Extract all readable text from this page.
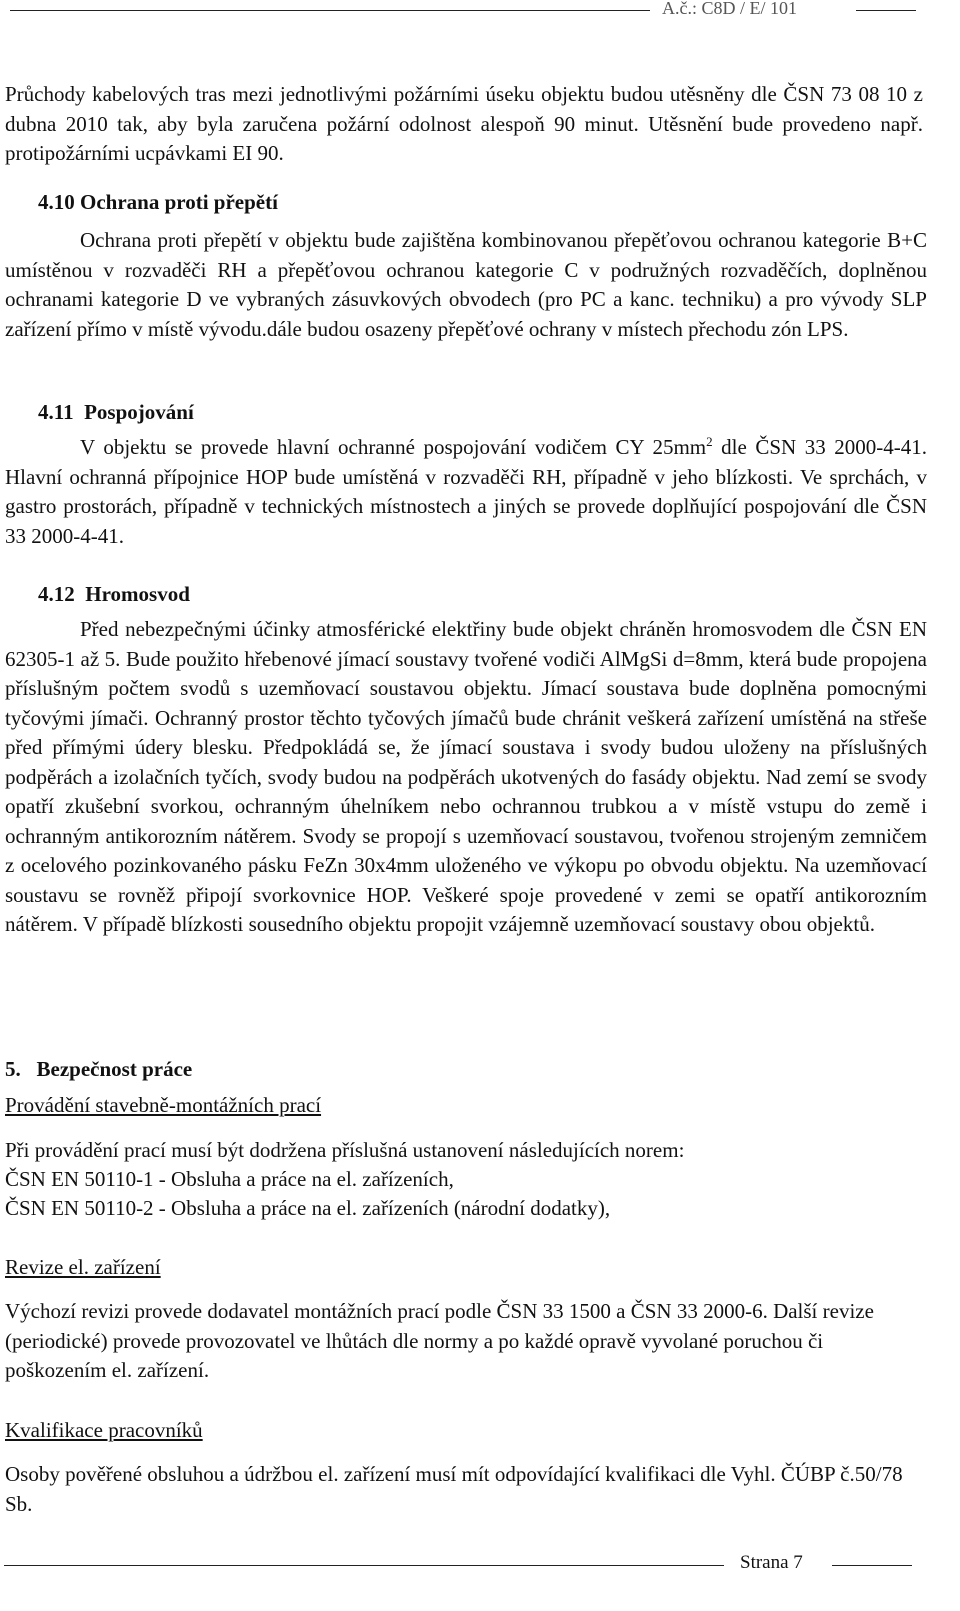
A.č.: C8D / E/ 101

Průchody kabelových tras mezi jednotlivými požárními úseku objektu budou utěsněny dle ČSN 73 08 10 z dubna 2010 tak, aby byla zaručena požární odolnost alespoň 90 minut. Utěsnění bude provedeno např. protipožárními ucpávkami EI 90.

4.10 Ochrana proti přepětí

Ochrana proti přepětí v objektu bude zajištěna kombinovanou přepěťovou ochranou kategorie B+C umístěnou v rozvaděči RH a přepěťovou ochranou kategorie C v podružných rozvaděčích, doplněnou ochranami kategorie D ve vybraných zásuvkových obvodech (pro PC a kanc. techniku) a pro vývody SLP zařízení přímo v místě vývodu.dále budou osazeny přepěťové ochrany v místech přechodu zón LPS.

4.11 Pospojování

V objektu se provede hlavní ochranné pospojování vodičem CY $25mm^2$ dle ČSN 33 2000-4-41. Hlavní ochranná přípojnice HOP bude umístěná v rozvaděči RH, případně v jeho blízkosti. Ve sprchách, v gastro prostorách, případně v technických místnostech a jiných se provede doplňující pospojování dle ČSN 33 2000-4-41.

4.12 Hromosvod

Před nebezpečnými účinky atmosférické elektřiny bude objekt chráněn hromosvodem dle ČSN EN 62305-1 až 5. Bude použito hřebenové jímací soustavy tvořené vodiči AlMgSi d=8mm, která bude propojena příslušným počtem svodů s uzemňovací soustavou objektu. Jímací soustava bude doplněna pomocnými tyčovými jímači. Ochranný prostor těchto tyčových jímačů bude chránit veškerá zařízení umístěná na střeše před přímými údery blesku. Předpokládá se, že jímací soustava i svody budou uloženy na příslušných podpěrách a izolačních tyčích, svody budou na podpěrách ukotvených do fasády objektu. Nad zemí se svody opatří zkušební svorkou, ochranným úhelníkem nebo ochrannou trubkou a v místě vstupu do země i ochranným antikorozním nátěrem. Svody se propojí s uzemňovací soustavou, tvořenou strojeným zemničem z ocelového pozinkovaného pásku FeZn 30x4mm uloženého ve výkopu po obvodu objektu. Na uzemňovací soustavu se rovněž připojí svorkovnice HOP. Veškeré spoje provedené v zemi se opatří antikorozním nátěrem. V případě blízkosti sousedního objektu propojit vzájemně uzemňovací soustavy obou objektů.

5. Bezpečnost práce
Provádění stavebně-montážních prací
Při provádění prací musí být dodržena příslušná ustanovení následujících norem:
ČSN EN 50110-1 - Obsluha a práce na el. zařízeních,
ČSN EN 50110-2 - Obsluha a práce na el. zařízeních (národní dodatky),
Revize el. zařízení

Výchozí revizi provede dodavatel montážních prací podle ČSN 33 1500 a ČSN 33 2000-6. Další revize (periodické) provede provozovatel ve lhůtách dle normy a po každé opravě vyvolané poruchou či poškozením el. zařízení.

Kvalifikace pracovníků

Osoby pověřené obsluhou a údržbou el. zařízení musí mít odpovídající kvalifikaci dle Vyhl. ČÚBP č.50/78 Sb.

Strana 7
